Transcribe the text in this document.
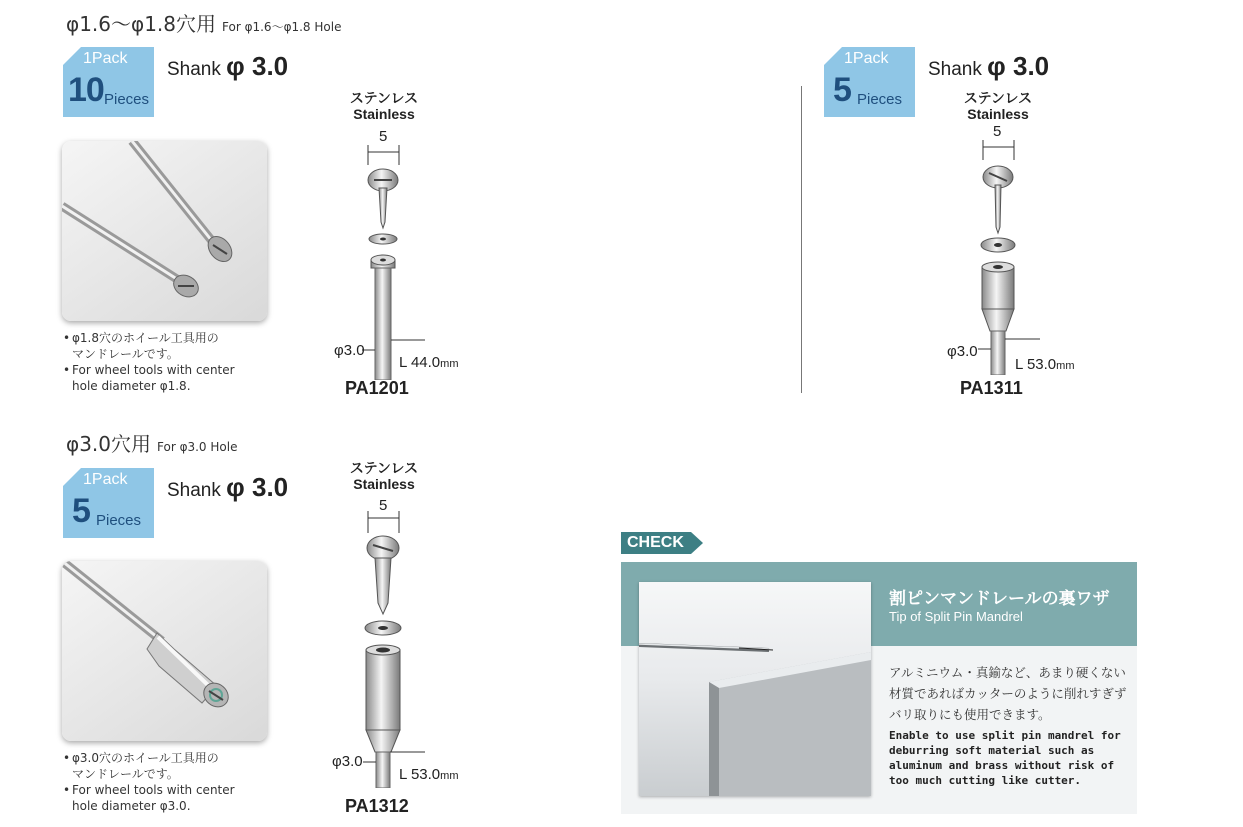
φ1.6〜φ1.8穴用 For φ1.6〜φ1.8 Hole
1Pack
10 Pieces
Shank φ 3.0
• φ1.8穴のホイール工具用の
マンドレールです。
• For wheel tools with center
hole diameter φ1.8.
ステンレス
Stainless
5
φ3.0
L 44.0mm
PA1201
1Pack
5 Pieces
Shank φ 3.0
ステンレス
Stainless
5
φ3.0
L 53.0mm
PA1311
φ3.0穴用 For φ3.0 Hole
1Pack
5 Pieces
Shank φ 3.0
• φ3.0穴のホイール工具用の
マンドレールです。
• For wheel tools with center
hole diameter φ3.0.
ステンレス
Stainless
5
φ3.0
L 53.0mm
PA1312
CHECK
割ピンマンドレールの裏ワザ
Tip of Split Pin Mandrel
アルミニウム・真鍮など、あまり硬くない材質であればカッターのように削れすぎずバリ取りにも使用できます。
Enable to use split pin mandrel for deburring soft material such as aluminum and brass without risk of too much cutting like cutter.
